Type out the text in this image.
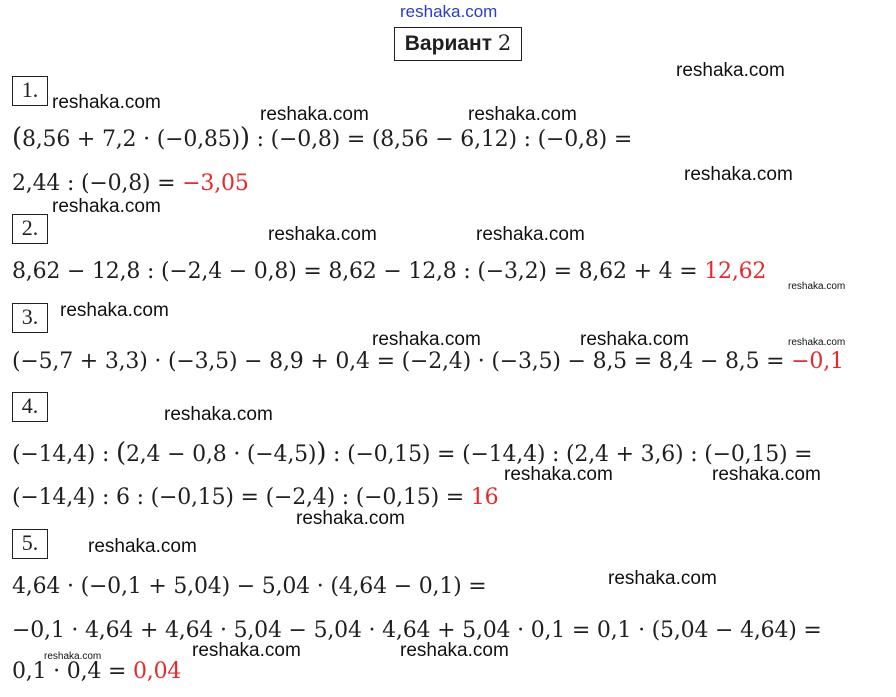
reshaka.com
Вариант 2
1.
(8,56 + 7,2 · (−0,85)) : (−0,8) = (8,56 − 6,12) : (−0,8) =
2,44 : (−0,8) = −3,05
2.
8,62 − 12,8 : (−2,4 − 0,8) = 8,62 − 12,8 : (−3,2) = 8,62 + 4 = 12,62
3.
(−5,7 + 3,3) · (−3,5) − 8,9 + 0,4 = (−2,4) · (−3,5) − 8,5 = 8,4 − 8,5 = −0,1
4.
(−14,4) : (2,4 − 0,8 · (−4,5)) : (−0,15) = (−14,4) : (2,4 + 3,6) : (−0,15) =
(−14,4) : 6 : (−0,15) = (−2,4) : (−0,15) = 16
5.
4,64 · (−0,1 + 5,04) − 5,04 · (4,64 − 0,1) =
−0,1 · 4,64 + 4,64 · 5,04 − 5,04 · 4,64 + 5,04 · 0,1 = 0,1 · (5,04 − 4,64) =
0,1 · 0,4 = 0,04
reshaka.com
reshaka.com
reshaka.com	reshaka.com
reshaka.com
reshaka.com
reshaka.com	reshaka.com
reshaka.com
reshaka.com
reshaka.com	reshaka.com	reshaka.com
reshaka.com
reshaka.com	reshaka.com
reshaka.com
reshaka.com
reshaka.com
reshaka.com	reshaka.com	reshaka.com
